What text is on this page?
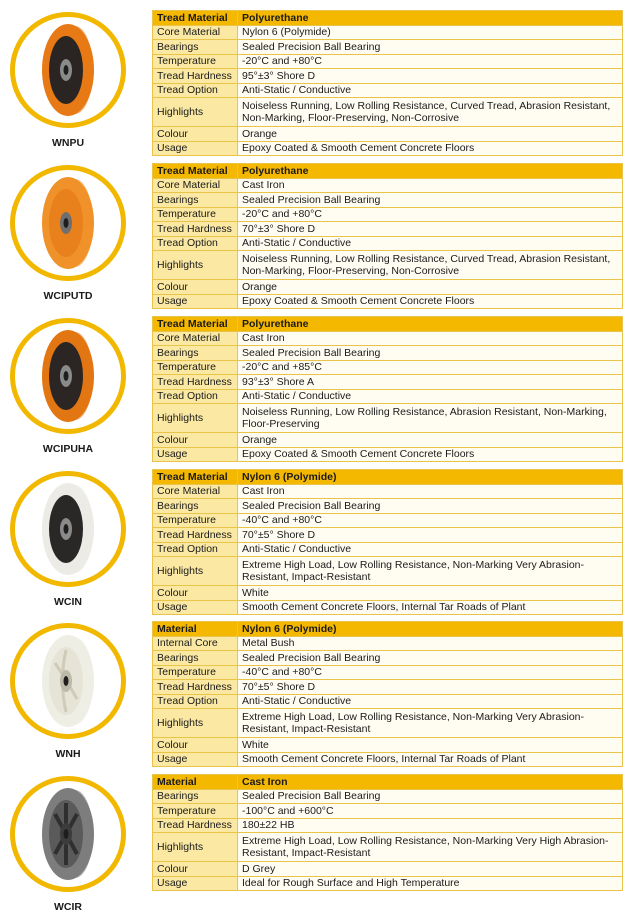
WNPU
Tread Material	Polyurethane
Core Material	Nylon 6 (Polymide)
Bearings	Sealed Precision Ball Bearing
Temperature	-20°C and +80°C
Tread Hardness	95°±3° Shore D
Tread Option	Anti-Static / Conductive
Highlights	Noiseless Running, Low Rolling Resistance, Curved Tread, Abrasion Resistant, Non-Marking, Floor-Preserving, Non-Corrosive
Colour	Orange
Usage	Epoxy Coated & Smooth Cement Concrete Floors
WCIPUTD
Tread Material	Polyurethane
Core Material	Cast Iron
Bearings	Sealed Precision Ball Bearing
Temperature	-20°C and +80°C
Tread Hardness	70°±3° Shore D
Tread Option	Anti-Static / Conductive
Highlights	Noiseless Running, Low Rolling Resistance, Curved Tread, Abrasion Resistant, Non-Marking, Floor-Preserving, Non-Corrosive
Colour	Orange
Usage	Epoxy Coated & Smooth Cement Concrete Floors
WCIPUHA
Tread Material	Polyurethane
Core Material	Cast Iron
Bearings	Sealed Precision Ball Bearing
Temperature	-20°C and +85°C
Tread Hardness	93°±3° Shore A
Tread Option	Anti-Static / Conductive
Highlights	Noiseless Running, Low Rolling Resistance, Abrasion Resistant, Non-Marking, Floor-Preserving
Colour	Orange
Usage	Epoxy Coated & Smooth Cement Concrete Floors
WCIN
Tread Material	Nylon 6 (Polymide)
Core Material	Cast Iron
Bearings	Sealed Precision Ball Bearing
Temperature	-40°C and +80°C
Tread Hardness	70°±5° Shore D
Tread Option	Anti-Static / Conductive
Highlights	Extreme High Load, Low Rolling Resistance, Non-Marking Very Abrasion-Resistant, Impact-Resistant
Colour	White
Usage	Smooth Cement Concrete Floors, Internal Tar Roads of Plant
WNH
Material	Nylon 6 (Polymide)
Internal Core	Metal Bush
Bearings	Sealed Precision Ball Bearing
Temperature	-40°C and +80°C
Tread Hardness	70°±5° Shore D
Tread Option	Anti-Static / Conductive
Highlights	Extreme High Load, Low Rolling Resistance, Non-Marking Very Abrasion-Resistant, Impact-Resistant
Colour	White
Usage	Smooth Cement Concrete Floors, Internal Tar Roads of Plant
WCIR
Material	Cast Iron
Bearings	Sealed Precision Ball Bearing
Temperature	-100°C and +600°C
Tread Hardness	180±22 HB
Highlights	Extreme High Load, Low Rolling Resistance, Non-Marking Very High Abrasion-Resistant, Impact-Resistant
Colour	D Grey
Usage	Ideal for Rough Surface and High Temperature
